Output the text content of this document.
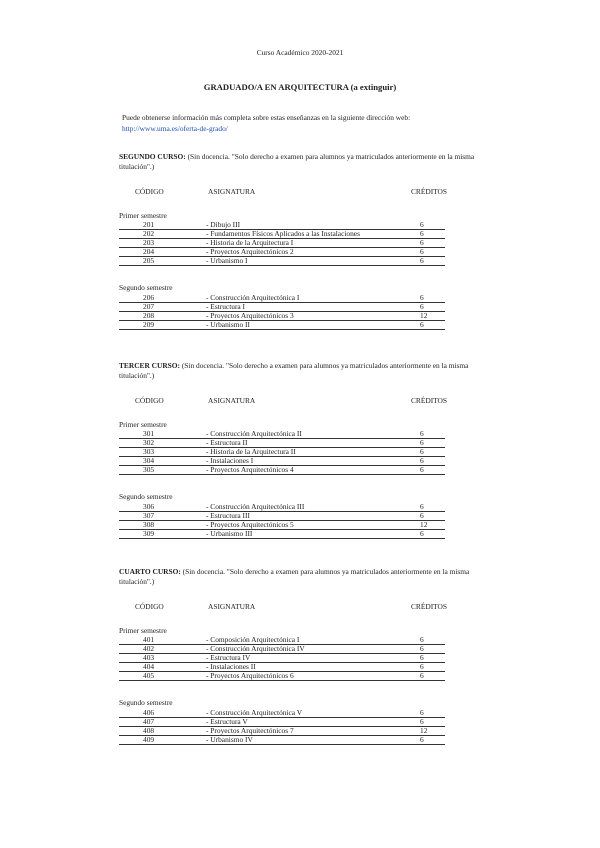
Curso Académico 2020-2021
GRADUADO/A EN ARQUITECTURA (a extinguir)
Puede obtenerse información más completa sobre estas enseñanzas en la siguiente dirección web:
http://www.uma.es/oferta-de-grado/
SEGUNDO CURSO: (Sin docencia. "Solo derecho a examen para alumnos ya matriculados anteriormente en la misma titulación".)
CÓDIGO	ASIGNATURA	CRÉDITOS
Primer semestre
201	- Dibujo III	6
202	- Fundamentos Físicos Aplicados a las Instalaciones	6
203	- Historia de la Arquitectura I	6
204	- Proyectos Arquitectónicos 2	6
205	- Urbanismo I	6
Segundo semestre
206	- Construcción Arquitectónica I	6
207	- Estructura I	6
208	- Proyectos Arquitectónicos 3	12
209	- Urbanismo II	6
TERCER CURSO: (Sin docencia. "Solo derecho a examen para alumnos ya matriculados anteriormente en la misma titulación".)
CÓDIGO	ASIGNATURA	CRÉDITOS
Primer semestre
301	- Construcción Arquitectónica II	6
302	- Estructura II	6
303	- Historia de la Arquitectura II	6
304	- Instalaciones I	6
305	- Proyectos Arquitectónicos 4	6
Segundo semestre
306	- Construcción Arquitectónica III	6
307	- Estructura III	6
308	- Proyectos Arquitectónicos 5	12
309	- Urbanismo III	6
CUARTO CURSO: (Sin docencia. "Solo derecho a examen para alumnos ya matriculados anteriormente en la misma titulación".)
CÓDIGO	ASIGNATURA	CRÉDITOS
Primer semestre
401	- Composición Arquitectónica I	6
402	- Construcción Arquitectónica IV	6
403	- Estructura IV	6
404	- Instalaciones II	6
405	- Proyectos Arquitectónicos 6	6
Segundo semestre
406	- Construcción Arquitectónica V	6
407	- Estructura V	6
408	- Proyectos Arquitectónicos 7	12
409	- Urbanismo IV	6
